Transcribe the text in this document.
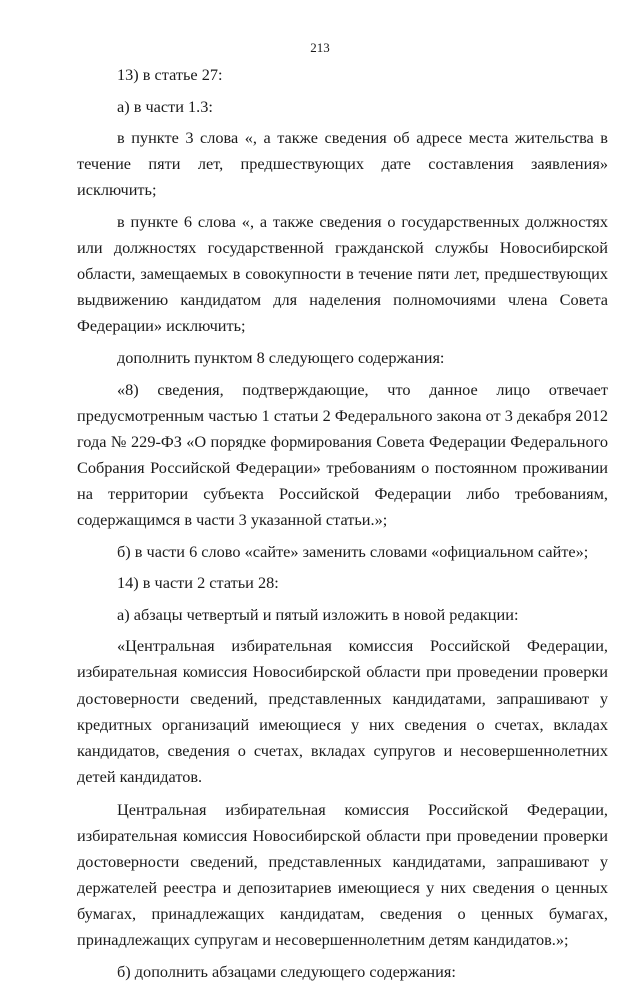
213

13) в статье 27:

а) в части 1.3:

в пункте 3 слова «, а также сведения об адресе места жительства в течение пяти лет, предшествующих дате составления заявления» исключить;

в пункте 6 слова «, а также сведения о государственных должностях или должностях государственной гражданской службы Новосибирской области, замещаемых в совокупности в течение пяти лет, предшествующих выдвижению кандидатом для наделения полномочиями члена Совета Федерации» исключить;

дополнить пунктом 8 следующего содержания:

«8) сведения, подтверждающие, что данное лицо отвечает предусмотренным частью 1 статьи 2 Федерального закона от 3 декабря 2012 года № 229-ФЗ «О порядке формирования Совета Федерации Федерального Собрания Российской Федерации» требованиям о постоянном проживании на территории субъекта Российской Федерации либо требованиям, содержащимся в части 3 указанной статьи.»;

б) в части 6 слово «сайте» заменить словами «официальном сайте»;

14) в части 2 статьи 28:

а) абзацы четвертый и пятый изложить в новой редакции:

«Центральная избирательная комиссия Российской Федерации, избирательная комиссия Новосибирской области при проведении проверки достоверности сведений, представленных кандидатами, запрашивают у кредитных организаций имеющиеся у них сведения о счетах, вкладах кандидатов, сведения о счетах, вкладах супругов и несовершеннолетних детей кандидатов.

Центральная избирательная комиссия Российской Федерации, избирательная комиссия Новосибирской области при проведении проверки достоверности сведений, представленных кандидатами, запрашивают у держателей реестра и депозитариев имеющиеся у них сведения о ценных бумагах, принадлежащих кандидатам, сведения о ценных бумагах, принадлежащих супругам и несовершеннолетним детям кандидатов.»;

б) дополнить абзацами следующего содержания:
